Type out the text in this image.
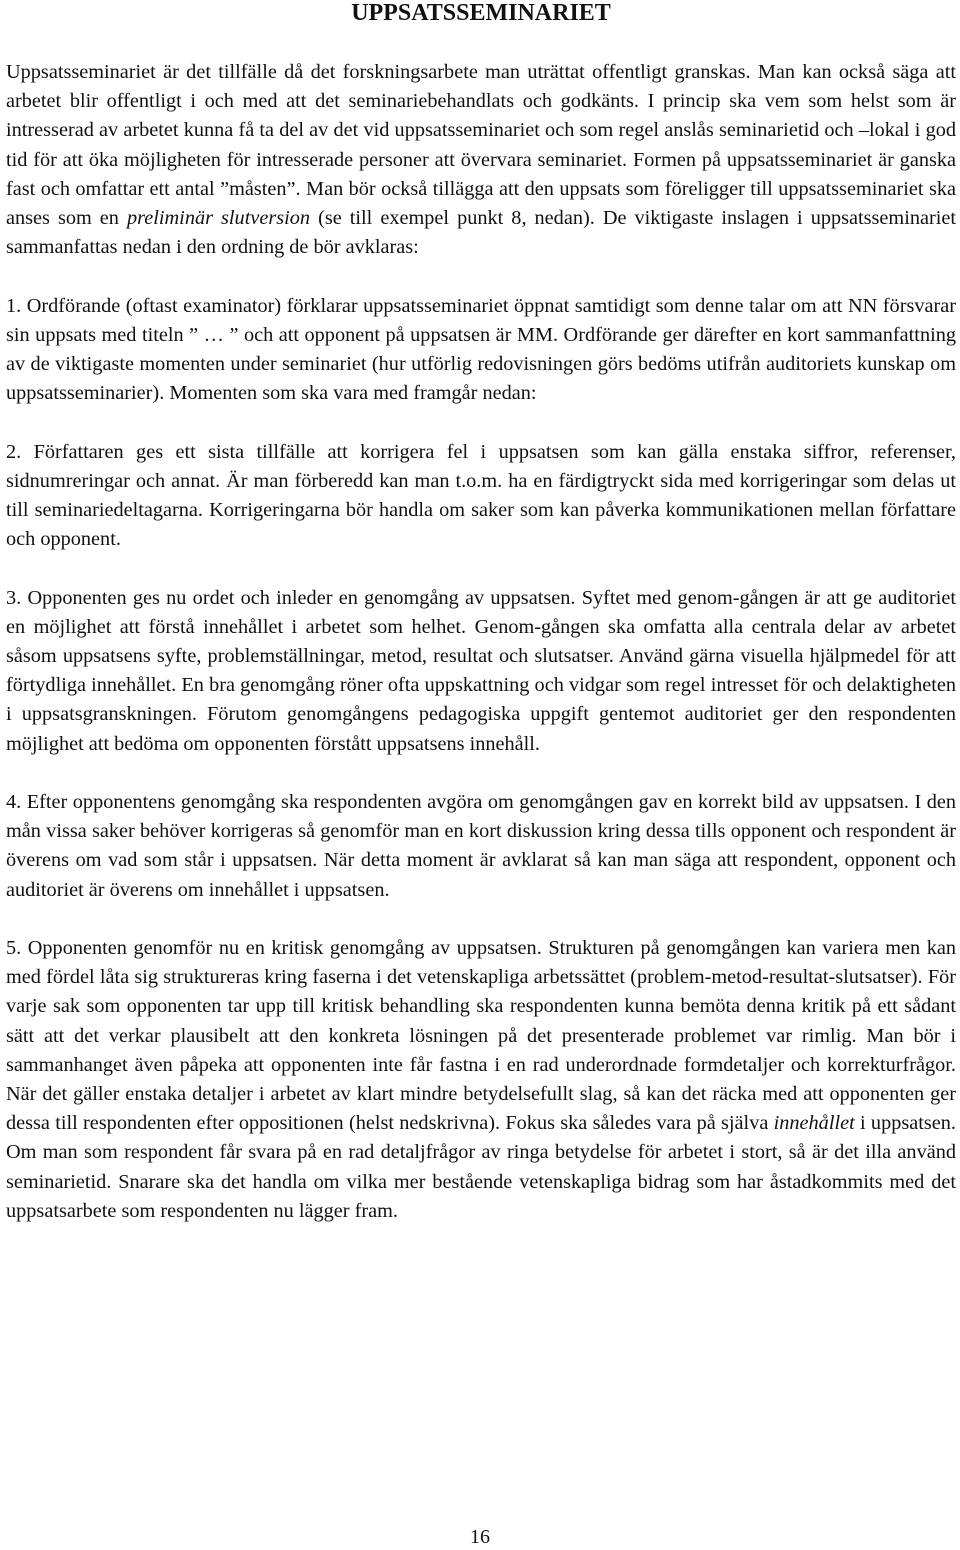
UPPSATSSEMINARIET

Uppsatsseminariet är det tillfälle då det forskningsarbete man uträttat offentligt granskas. Man kan också säga att arbetet blir offentligt i och med att det seminariebehandlats och godkänts. I princip ska vem som helst som är intresserad av arbetet kunna få ta del av det vid uppsatsseminariet och som regel anslås seminarietid och –lokal i god tid för att öka möjligheten för intresserade personer att övervara seminariet. Formen på uppsatsseminariet är ganska fast och omfattar ett antal ”måsten”. Man bör också tillägga att den uppsats som föreligger till uppsatsseminariet ska anses som en preliminär slutversion (se till exempel punkt 8, nedan). De viktigaste inslagen i uppsatsseminariet sammanfattas nedan i den ordning de bör avklaras:

1. Ordförande (oftast examinator) förklarar uppsatsseminariet öppnat samtidigt som denne talar om att NN försvarar sin uppsats med titeln ” … ” och att opponent på uppsatsen är MM. Ordförande ger därefter en kort sammanfattning av de viktigaste momenten under seminariet (hur utförlig redovisningen görs bedöms utifrån auditoriets kunskap om uppsatsseminarier). Momenten som ska vara med framgår nedan:

2. Författaren ges ett sista tillfälle att korrigera fel i uppsatsen som kan gälla enstaka siffror, referenser, sidnumreringar och annat. Är man förberedd kan man t.o.m. ha en färdigtryckt sida med korrigeringar som delas ut till seminariedeltagarna. Korrigeringarna bör handla om saker som kan påverka kommunikationen mellan författare och opponent.

3. Opponenten ges nu ordet och inleder en genomgång av uppsatsen. Syftet med genom-gången är att ge auditoriet en möjlighet att förstå innehållet i arbetet som helhet. Genom-gången ska omfatta alla centrala delar av arbetet såsom uppsatsens syfte, problemställningar, metod, resultat och slutsatser. Använd gärna visuella hjälpmedel för att förtydliga innehållet. En bra genomgång röner ofta uppskattning och vidgar som regel intresset för och delaktigheten i uppsatsgranskningen. Förutom genomgångens pedagogiska uppgift gentemot auditoriet ger den respondenten möjlighet att bedöma om opponenten förstått uppsatsens innehåll.

4. Efter opponentens genomgång ska respondenten avgöra om genomgången gav en korrekt bild av uppsatsen. I den mån vissa saker behöver korrigeras så genomför man en kort diskussion kring dessa tills opponent och respondent är överens om vad som står i uppsatsen. När detta moment är avklarat så kan man säga att respondent, opponent och auditoriet är överens om innehållet i uppsatsen.

5. Opponenten genomför nu en kritisk genomgång av uppsatsen. Strukturen på genomgången kan variera men kan med fördel låta sig struktureras kring faserna i det vetenskapliga arbetssättet (problem-metod-resultat-slutsatser). För varje sak som opponenten tar upp till kritisk behandling ska respondenten kunna bemöta denna kritik på ett sådant sätt att det verkar plausibelt att den konkreta lösningen på det presenterade problemet var rimlig. Man bör i sammanhanget även påpeka att opponenten inte får fastna i en rad underordnade formdetaljer och korrekturfrågor. När det gäller enstaka detaljer i arbetet av klart mindre betydelsefullt slag, så kan det räcka med att opponenten ger dessa till respondenten efter oppositionen (helst nedskrivna). Fokus ska således vara på själva innehållet i uppsatsen. Om man som respondent får svara på en rad detaljfrågor av ringa betydelse för arbetet i stort, så är det illa använd seminarietid. Snarare ska det handla om vilka mer bestående vetenskapliga bidrag som har åstadkommits med det uppsatsarbete som respondenten nu lägger fram.

16
